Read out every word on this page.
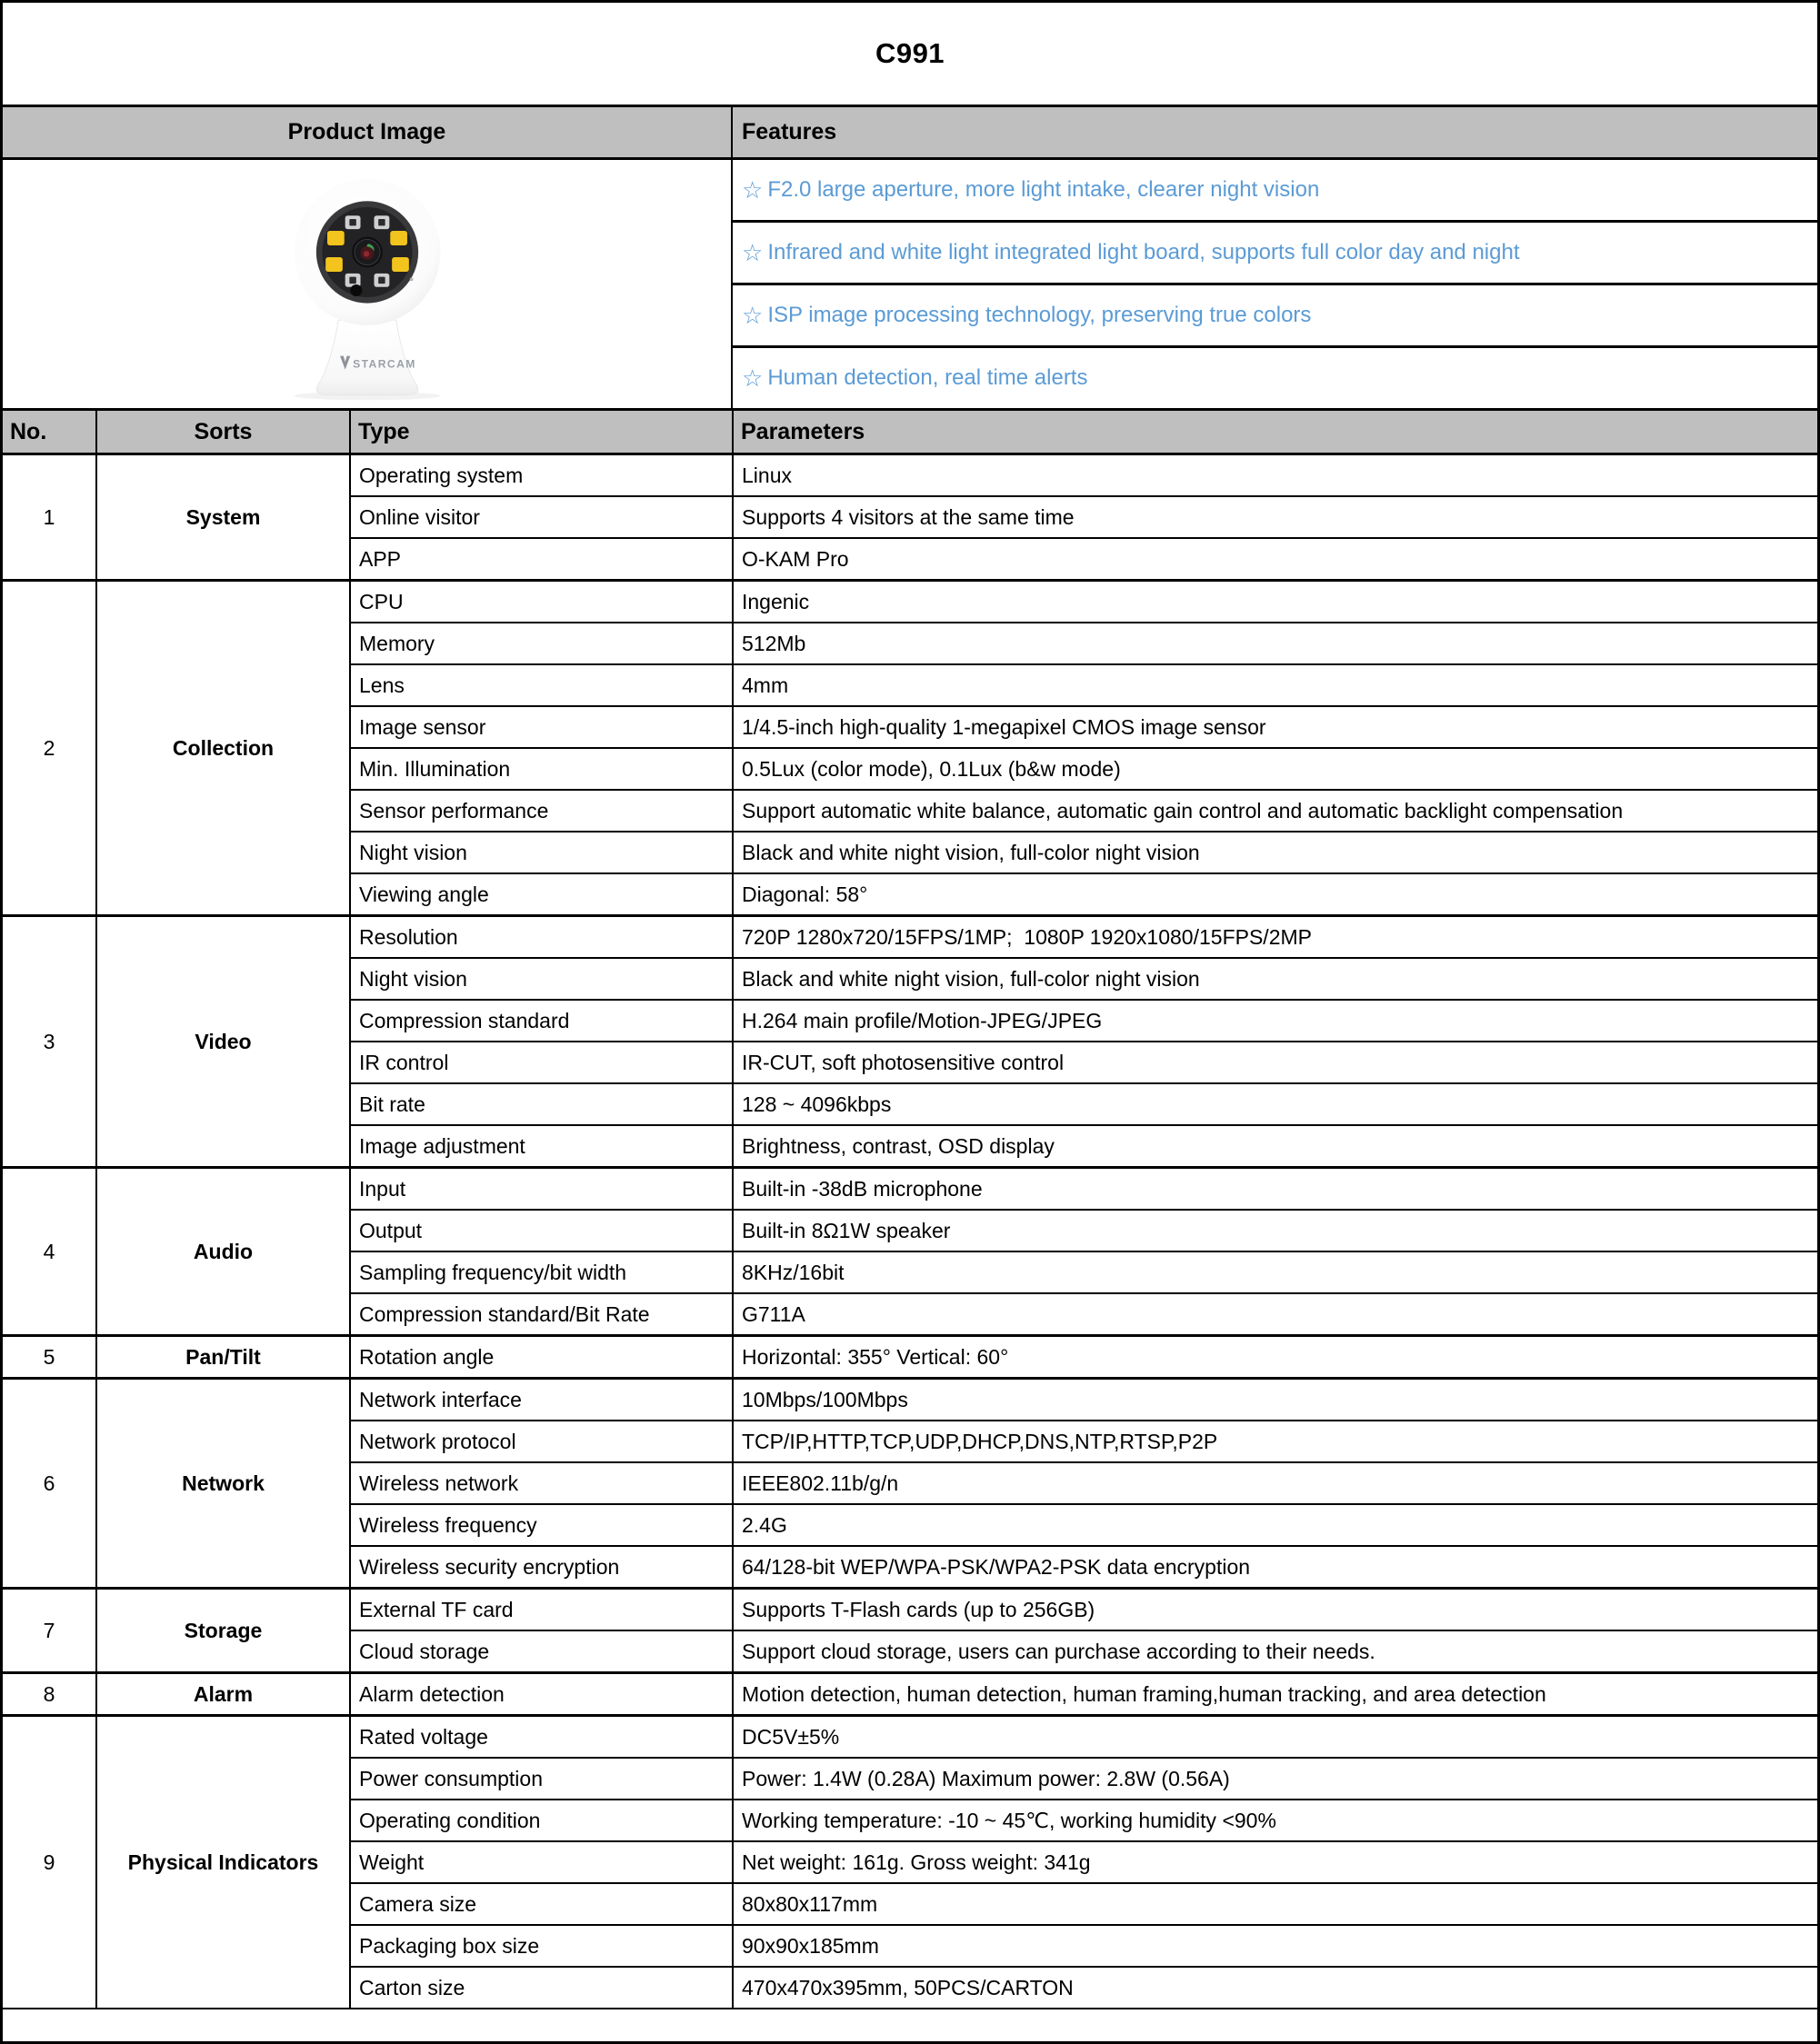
C991
Product Image	Features
STARCAM
☆ F2.0 large aperture, more light intake, clearer night vision
☆ Infrared and white light integrated light board, supports full color day and night
☆ ISP image processing technology, preserving true colors
☆ Human detection, real time alerts
No.	Sorts	Type	Parameters
1	System	Operating system	Linux
		Online visitor	Supports 4 visitors at the same time
		APP	O-KAM Pro
2	Collection	CPU	Ingenic
		Memory	512Mb
		Lens	4mm
		Image sensor	1/4.5-inch high-quality 1-megapixel CMOS image sensor
		Min. Illumination	0.5Lux (color mode), 0.1Lux (b&w mode)
		Sensor performance	Support automatic white balance, automatic gain control and automatic backlight compensation
		Night vision	Black and white night vision, full-color night vision
		Viewing angle	Diagonal: 58°
3	Video	Resolution	720P 1280x720/15FPS/1MP;  1080P 1920x1080/15FPS/2MP
		Night vision	Black and white night vision, full-color night vision
		Compression standard	H.264 main profile/Motion-JPEG/JPEG
		IR control	IR-CUT, soft photosensitive control
		Bit rate	128 ~ 4096kbps
		Image adjustment	Brightness, contrast, OSD display
4	Audio	Input	Built-in -38dB microphone
		Output	Built-in 8Ω1W speaker
		Sampling frequency/bit width	8KHz/16bit
		Compression standard/Bit Rate	G711A
5	Pan/Tilt	Rotation angle	Horizontal: 355° Vertical: 60°
6	Network	Network interface	10Mbps/100Mbps
		Network protocol	TCP/IP,HTTP,TCP,UDP,DHCP,DNS,NTP,RTSP,P2P
		Wireless network	IEEE802.11b/g/n
		Wireless frequency	2.4G
		Wireless security encryption	64/128-bit WEP/WPA-PSK/WPA2-PSK data encryption
7	Storage	External TF card	Supports T-Flash cards (up to 256GB)
		Cloud storage	Support cloud storage, users can purchase according to their needs.
8	Alarm	Alarm detection	Motion detection, human detection, human framing,human tracking, and area detection
9	Physical Indicators	Rated voltage	DC5V±5%
		Power consumption	Power: 1.4W (0.28A) Maximum power: 2.8W (0.56A)
		Operating condition	Working temperature: -10 ~ 45℃, working humidity <90%
		Weight	Net weight: 161g. Gross weight: 341g
		Camera size	80x80x117mm
		Packaging box size	90x90x185mm
		Carton size	470x470x395mm, 50PCS/CARTON
